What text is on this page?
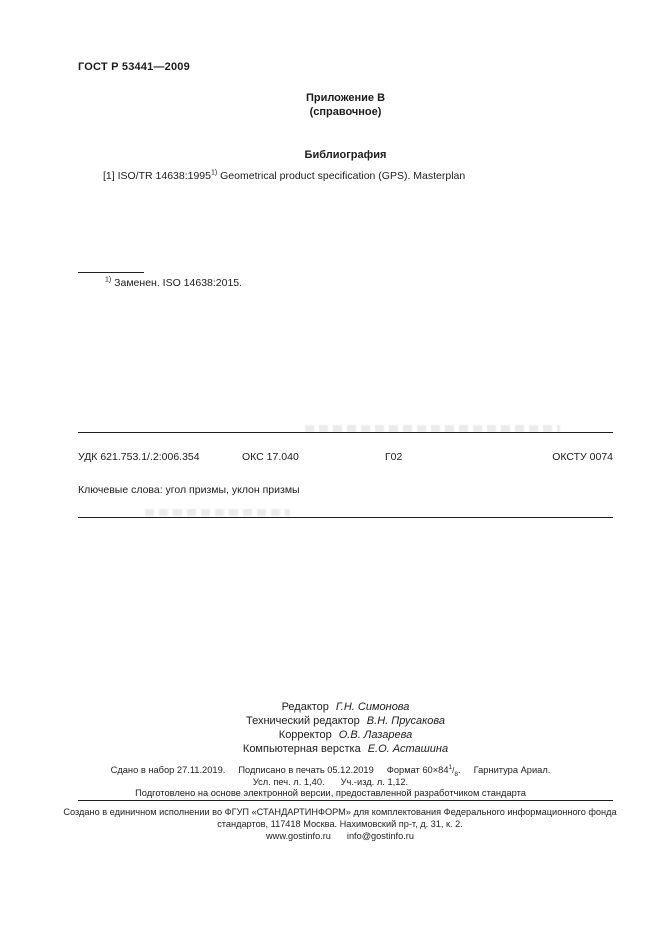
ГОСТ Р 53441—2009
Приложение В
(справочное)
Библиография
[1] ISO/TR 14638:1995$^{1)}$ Geometrical product specification (GPS). Masterplan
$^{1)}$ Заменен. ISO 14638:2015.
УДК 621.753.1/.2:006.354	ОКС 17.040	Г02	ОКСТУ 0074
Ключевые слова: угол призмы, уклон призмы
Редактор Г.Н. Симонова
Технический редактор В.Н. Прусакова
Корректор О.В. Лазарева
Компьютерная верстка Е.О. Асташина
Сдано в набор 27.11.2019. Подписано в печать 05.12.2019 Формат $60\times 84^1/_8$. Гарнитура Ариал.
Усл. печ. л. 1,40. Уч.-изд. л. 1,12.
Подготовлено на основе электронной версии, предоставленной разработчиком стандарта
Создано в единичном исполнении во ФГУП «СТАНДАРТИНФОРМ» для комплектования Федерального информационного фонда
стандартов, 117418 Москва. Нахимовский пр-т, д. 31, к. 2.
www.gostinfo.ru info@gostinfo.ru
